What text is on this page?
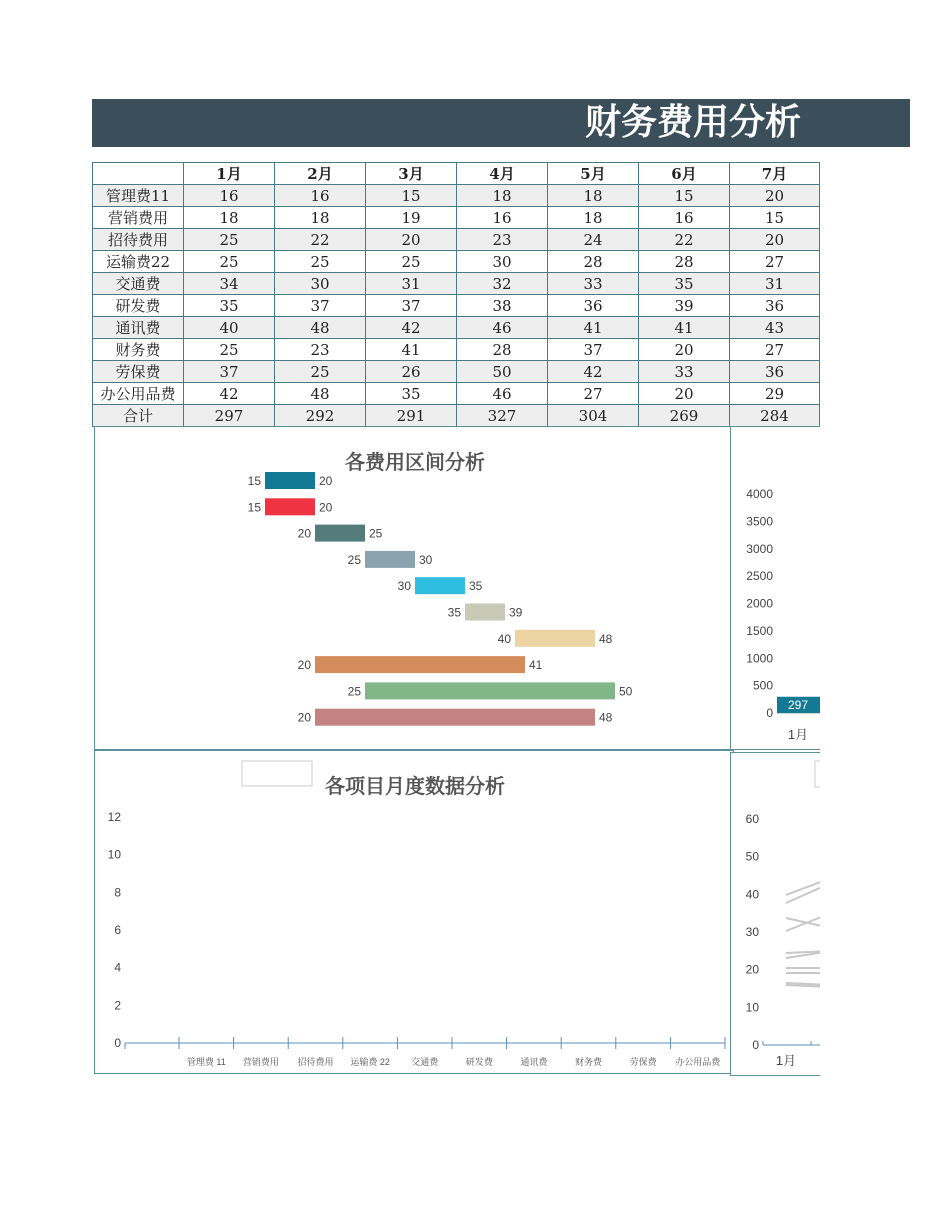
财务费用分析
	1月	2月	3月	4月	5月	6月	7月
管理费11	16	16	15	18	18	15	20
营销费用	18	18	19	16	18	16	15
招待费用	25	22	20	23	24	22	20
运输费22	25	25	25	30	28	28	27
交通费	34	30	31	32	33	35	31
研发费	35	37	37	38	36	39	36
通讯费	40	48	42	46	41	41	43
财务费	25	23	41	28	37	20	27
劳保费	37	25	26	50	42	33	36
办公用品费	42	48	35	46	27	20	29
合计	297	292	291	327	304	269	284
各费用区间分析
15	20
15	20
20	25
25	30
30	35
35	39
40	48
20	41
25	50
20	48	0
500
1000
1500
2000
2500
3000
3500
4000
297
1月
各项目月度数据分析
0
2
4
6
8
10
12
管理费 11 营销费用 招待费用 运输费 22 交通费	研发费	通讯费	财务费	劳保费 办公用品费
0
10
20
30
40
50
60
1月
